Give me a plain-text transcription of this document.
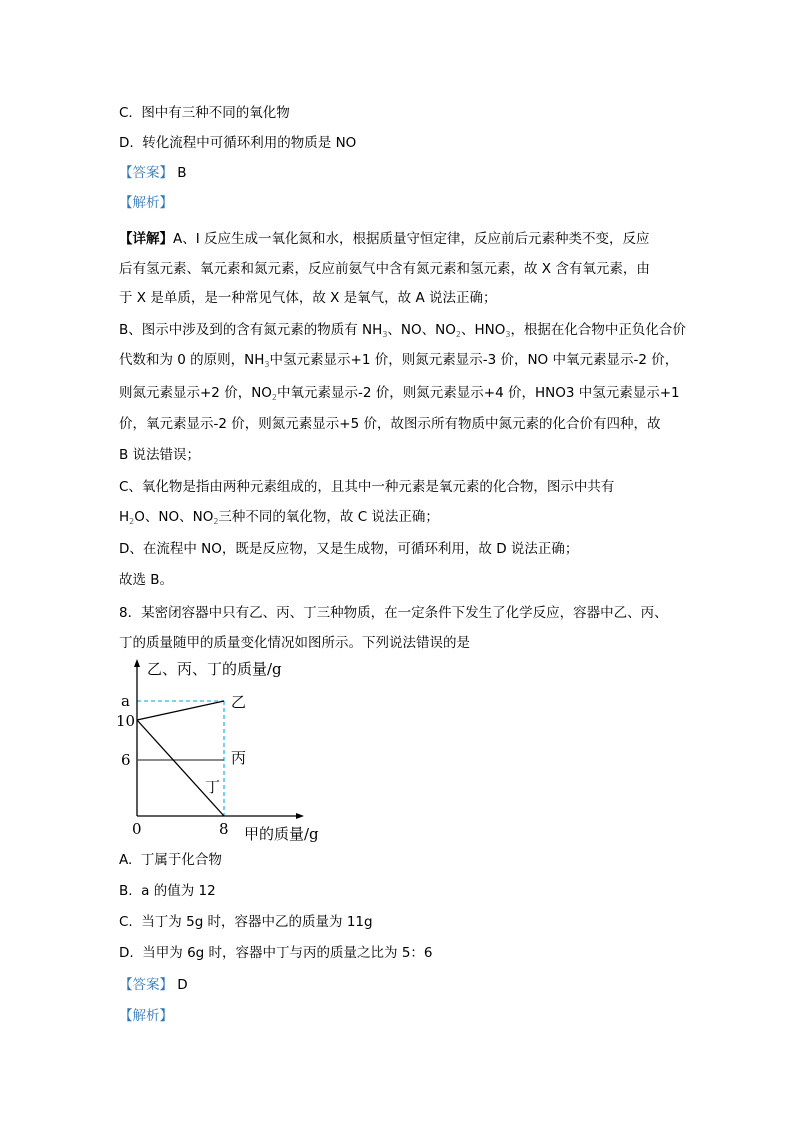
C. 图中有三种不同的氧化物
D. 转化流程中可循环利用的物质是 NO
【答案】 B
【解析】
【详解】A、I 反应生成一氧化氮和水，根据质量守恒定律，反应前后元素种类不变，反应
后有氢元素、氧元素和氮元素，反应前氨气中含有氮元素和氢元素，故 X 含有氧元素，由
于 X 是单质，是一种常见气体，故 X 是氧气，故 A 说法正确；
B、图示中涉及到的含有氮元素的物质有 $NH_3$、NO、$NO_2$、$HNO_3$，根据在化合物中正负化合价
代数和为 0 的原则，$NH_3$中氢元素显示+1 价，则氮元素显示-3 价，NO 中氧元素显示-2 价，
则氮元素显示+2 价，$NO_2$中氧元素显示-2 价，则氮元素显示+4 价，HNO3 中氢元素显示+1
价，氧元素显示-2 价，则氮元素显示+5 价，故图示所有物质中氮元素的化合价有四种，故
B 说法错误；
C、氧化物是指由两种元素组成的，且其中一种元素是氧元素的化合物，图示中共有
$H_2O$、NO、$NO_2$三种不同的氧化物，故 C 说法正确；
D、在流程中 NO，既是反应物，又是生成物，可循环利用，故 D 说法正确；
故选 B。
8．某密闭容器中只有乙、丙、丁三种物质，在一定条件下发生了化学反应，容器中乙、丙、
丁的质量随甲的质量变化情况如图所示。下列说法错误的是
乙、丙、丁的质量/g
a
10
6
0	8 甲的质量/g
乙
丙
丁
A. 丁属于化合物
B. a 的值为 12
C. 当丁为 5g 时，容器中乙的质量为 11g
D. 当甲为 6g 时，容器中丁与丙的质量之比为 5：6
【答案】 D
【解析】
